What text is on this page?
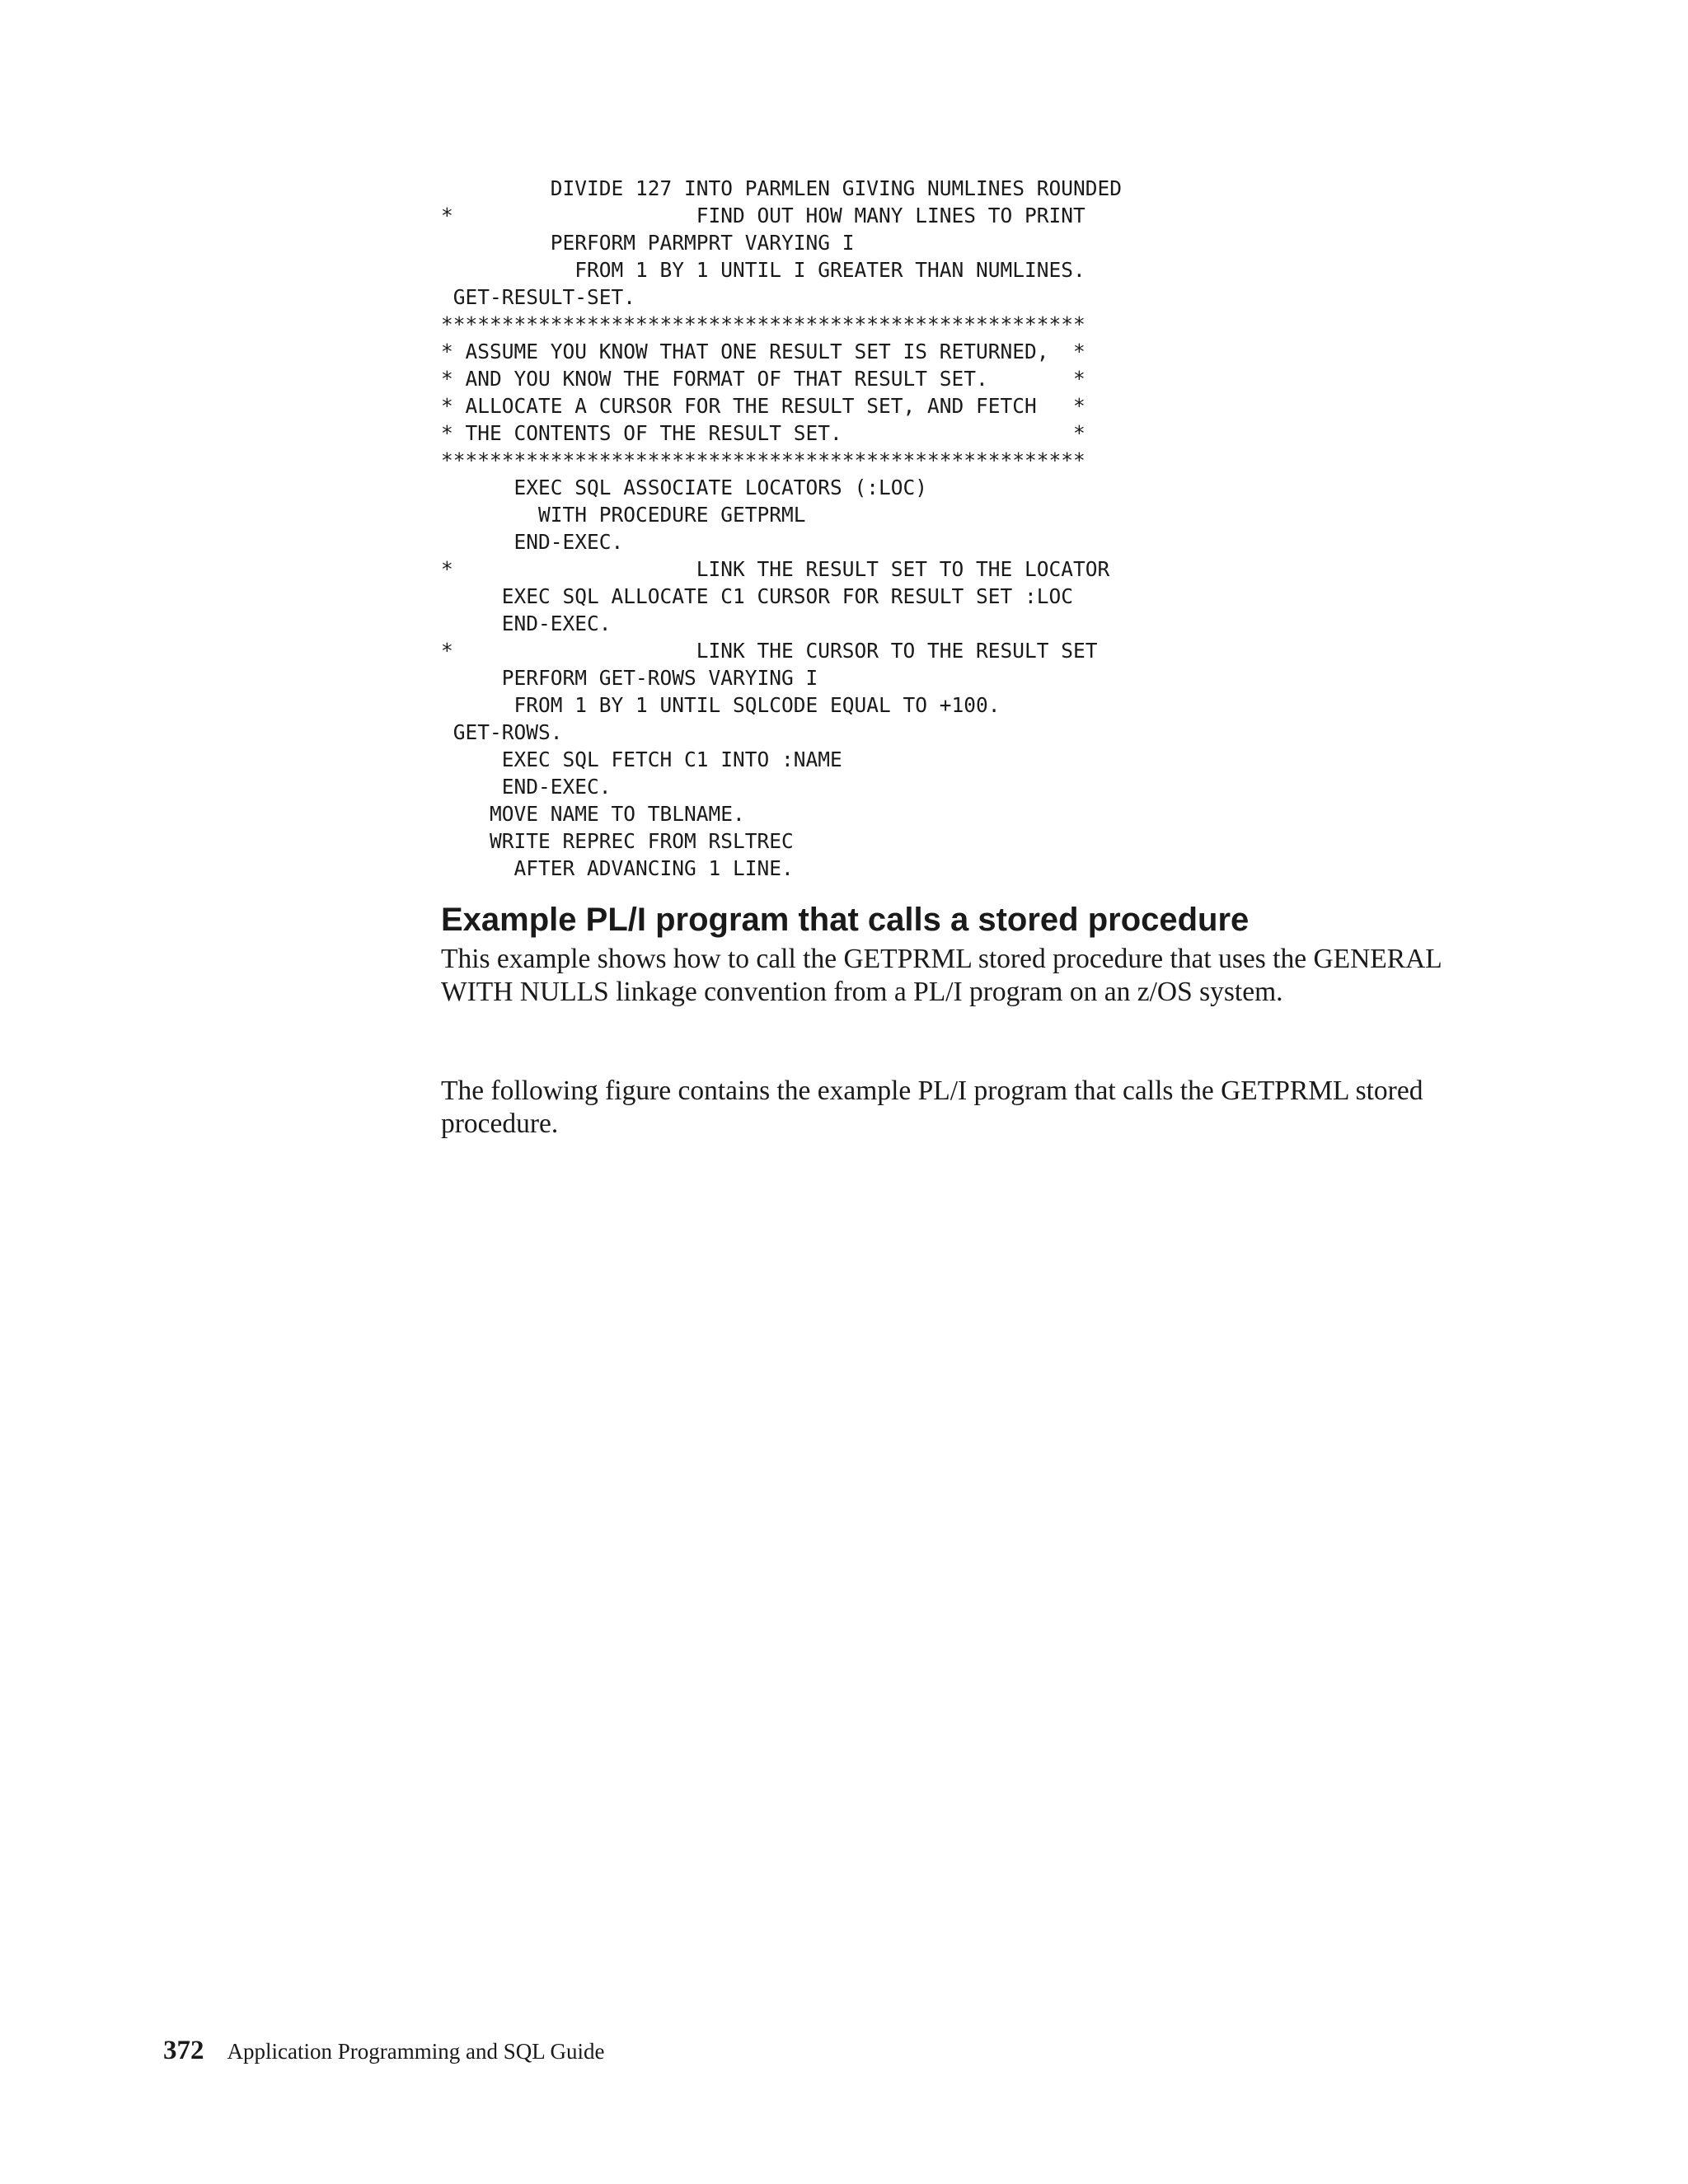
DIVIDE 127 INTO PARMLEN GIVING NUMLINES ROUNDED
*                    FIND OUT HOW MANY LINES TO PRINT
PERFORM PARMPRT VARYING I
FROM 1 BY 1 UNTIL I GREATER THAN NUMLINES.
GET-RESULT-SET.
*****************************************************
* ASSUME YOU KNOW THAT ONE RESULT SET IS RETURNED,  *
* AND YOU KNOW THE FORMAT OF THAT RESULT SET.       *
* ALLOCATE A CURSOR FOR THE RESULT SET, AND FETCH   *
* THE CONTENTS OF THE RESULT SET.                   *
*****************************************************
EXEC SQL ASSOCIATE LOCATORS (:LOC)
WITH PROCEDURE GETPRML
END-EXEC.
*                    LINK THE RESULT SET TO THE LOCATOR
EXEC SQL ALLOCATE C1 CURSOR FOR RESULT SET :LOC
END-EXEC.
*                    LINK THE CURSOR TO THE RESULT SET
PERFORM GET-ROWS VARYING I
FROM 1 BY 1 UNTIL SQLCODE EQUAL TO +100.
GET-ROWS.
EXEC SQL FETCH C1 INTO :NAME
END-EXEC.
MOVE NAME TO TBLNAME.
WRITE REPREC FROM RSLTREC
AFTER ADVANCING 1 LINE.
Example PL/I program that calls a stored procedure

This example shows how to call the GETPRML stored procedure that uses the GENERAL WITH NULLS linkage convention from a PL/I program on an z/OS system.

The following figure contains the example PL/I program that calls the GETPRML stored procedure.

372 Application Programming and SQL Guide
